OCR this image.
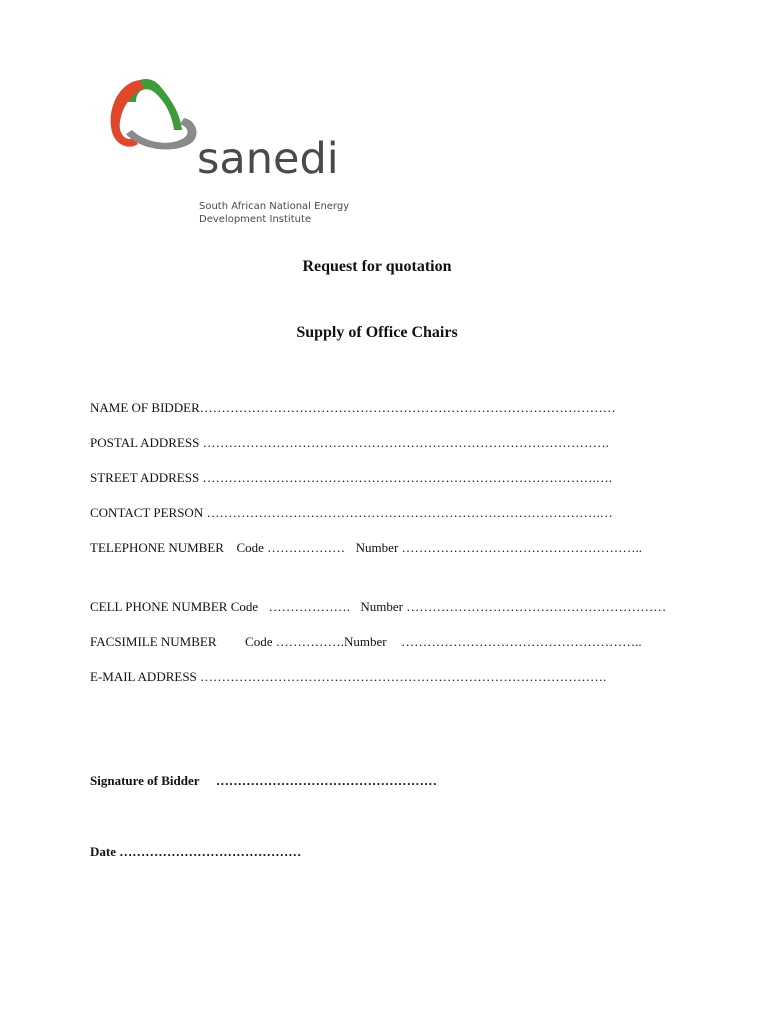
sanedi
South African National Energy
Development Institute
Request for quotation
Supply of Office Chairs
NAME OF BIDDER……………………………………………………………………………………
POSTAL ADDRESS ………………………………………………………………………………….
STREET ADDRESS ……………………………………………………………………………….….
CONTACT PERSON ……………………………………………………………………………….…
TELEPHONE NUMBER Code ……………… Number ………………………………………………..
CELL PHONE NUMBER Code ………………. Number ……………………………………………………
FACSIMILE NUMBER Code …………….Number ………………………………………………..
E-MAIL ADDRESS ………………………………………………………………………………….
Signature of Bidder ……………………………………………
Date ……………………………………
